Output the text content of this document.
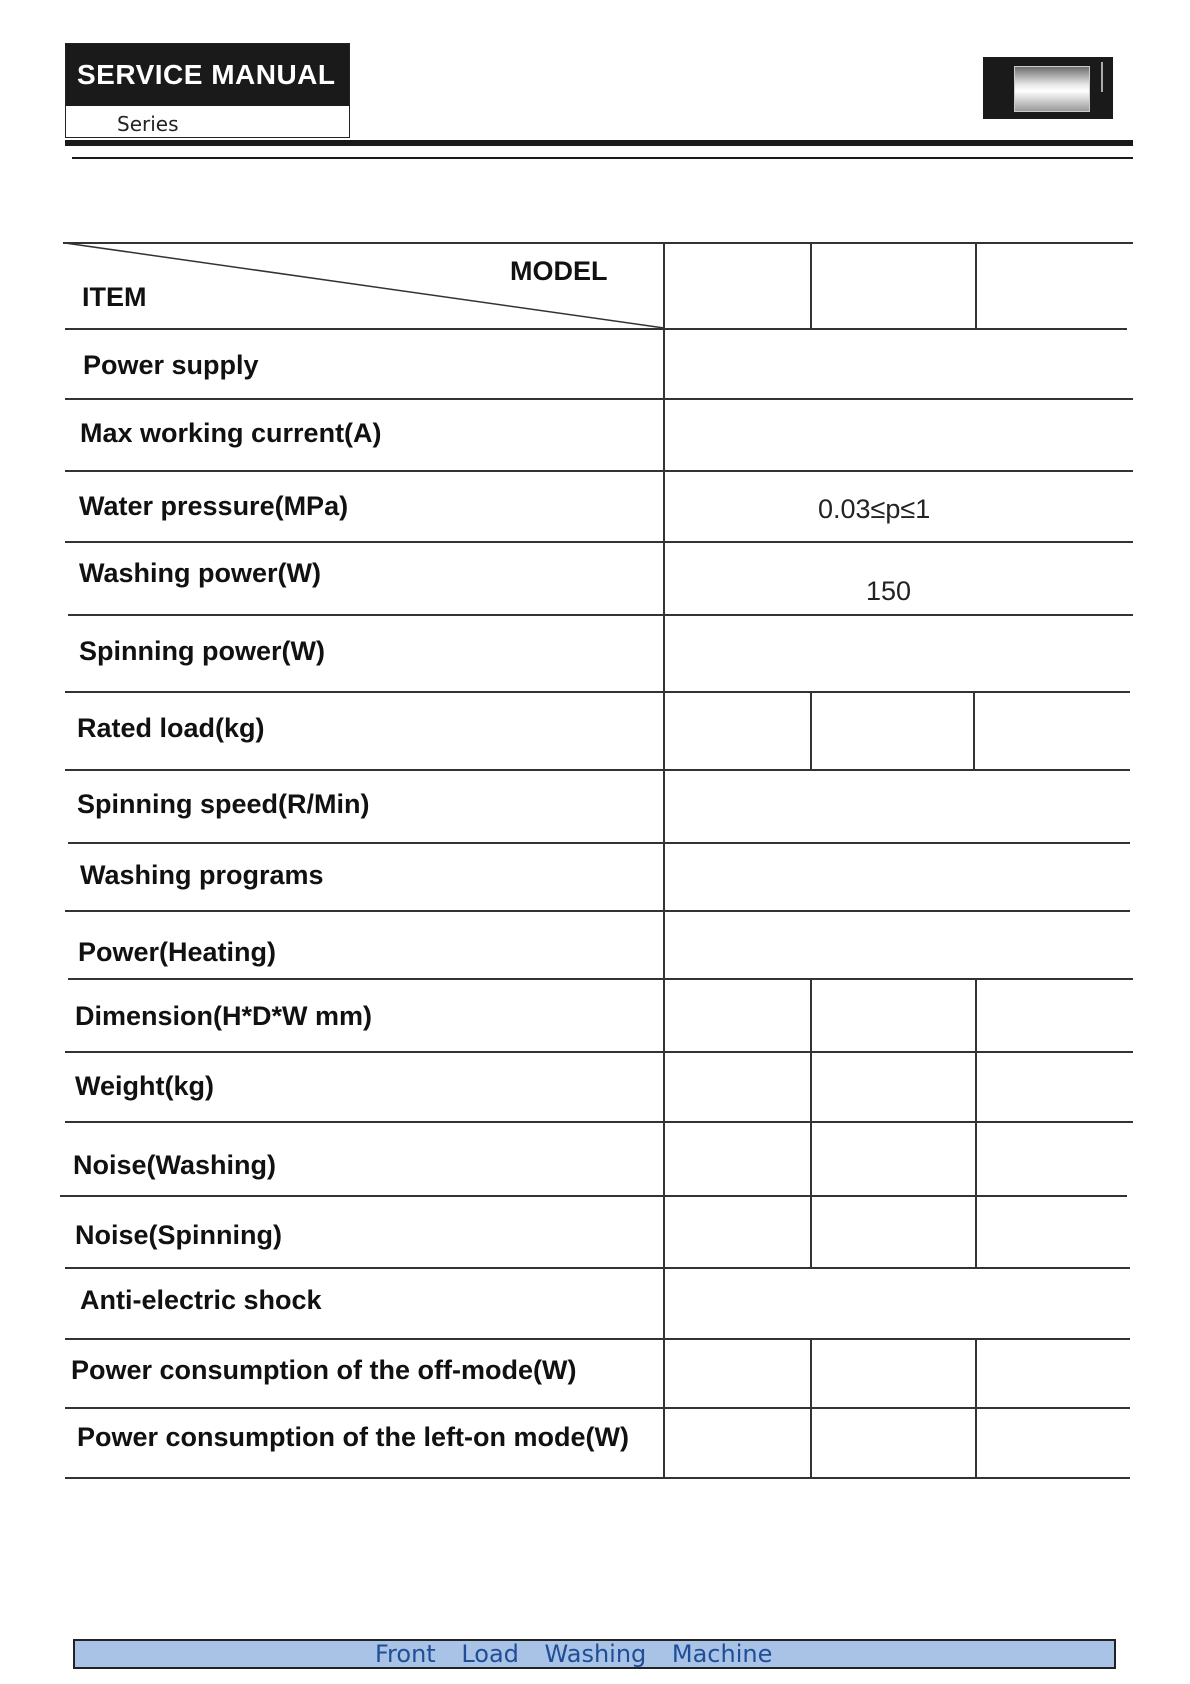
SERVICE MANUAL
Series
MODEL
ITEM
Power supply
Max working current(A)
Water pressure(MPa)
Washing power(W)
Spinning power(W)
Rated load(kg)
Spinning speed(R/Min)
Washing programs
Power(Heating)
Dimension(H*D*W mm)
Weight(kg)
Noise(Washing)
Noise(Spinning)
Anti-electric shock
Power consumption of the off-mode(W)
Power consumption of the left-on mode(W)
0.03≤p≤1
150
Front Load Washing Machine
